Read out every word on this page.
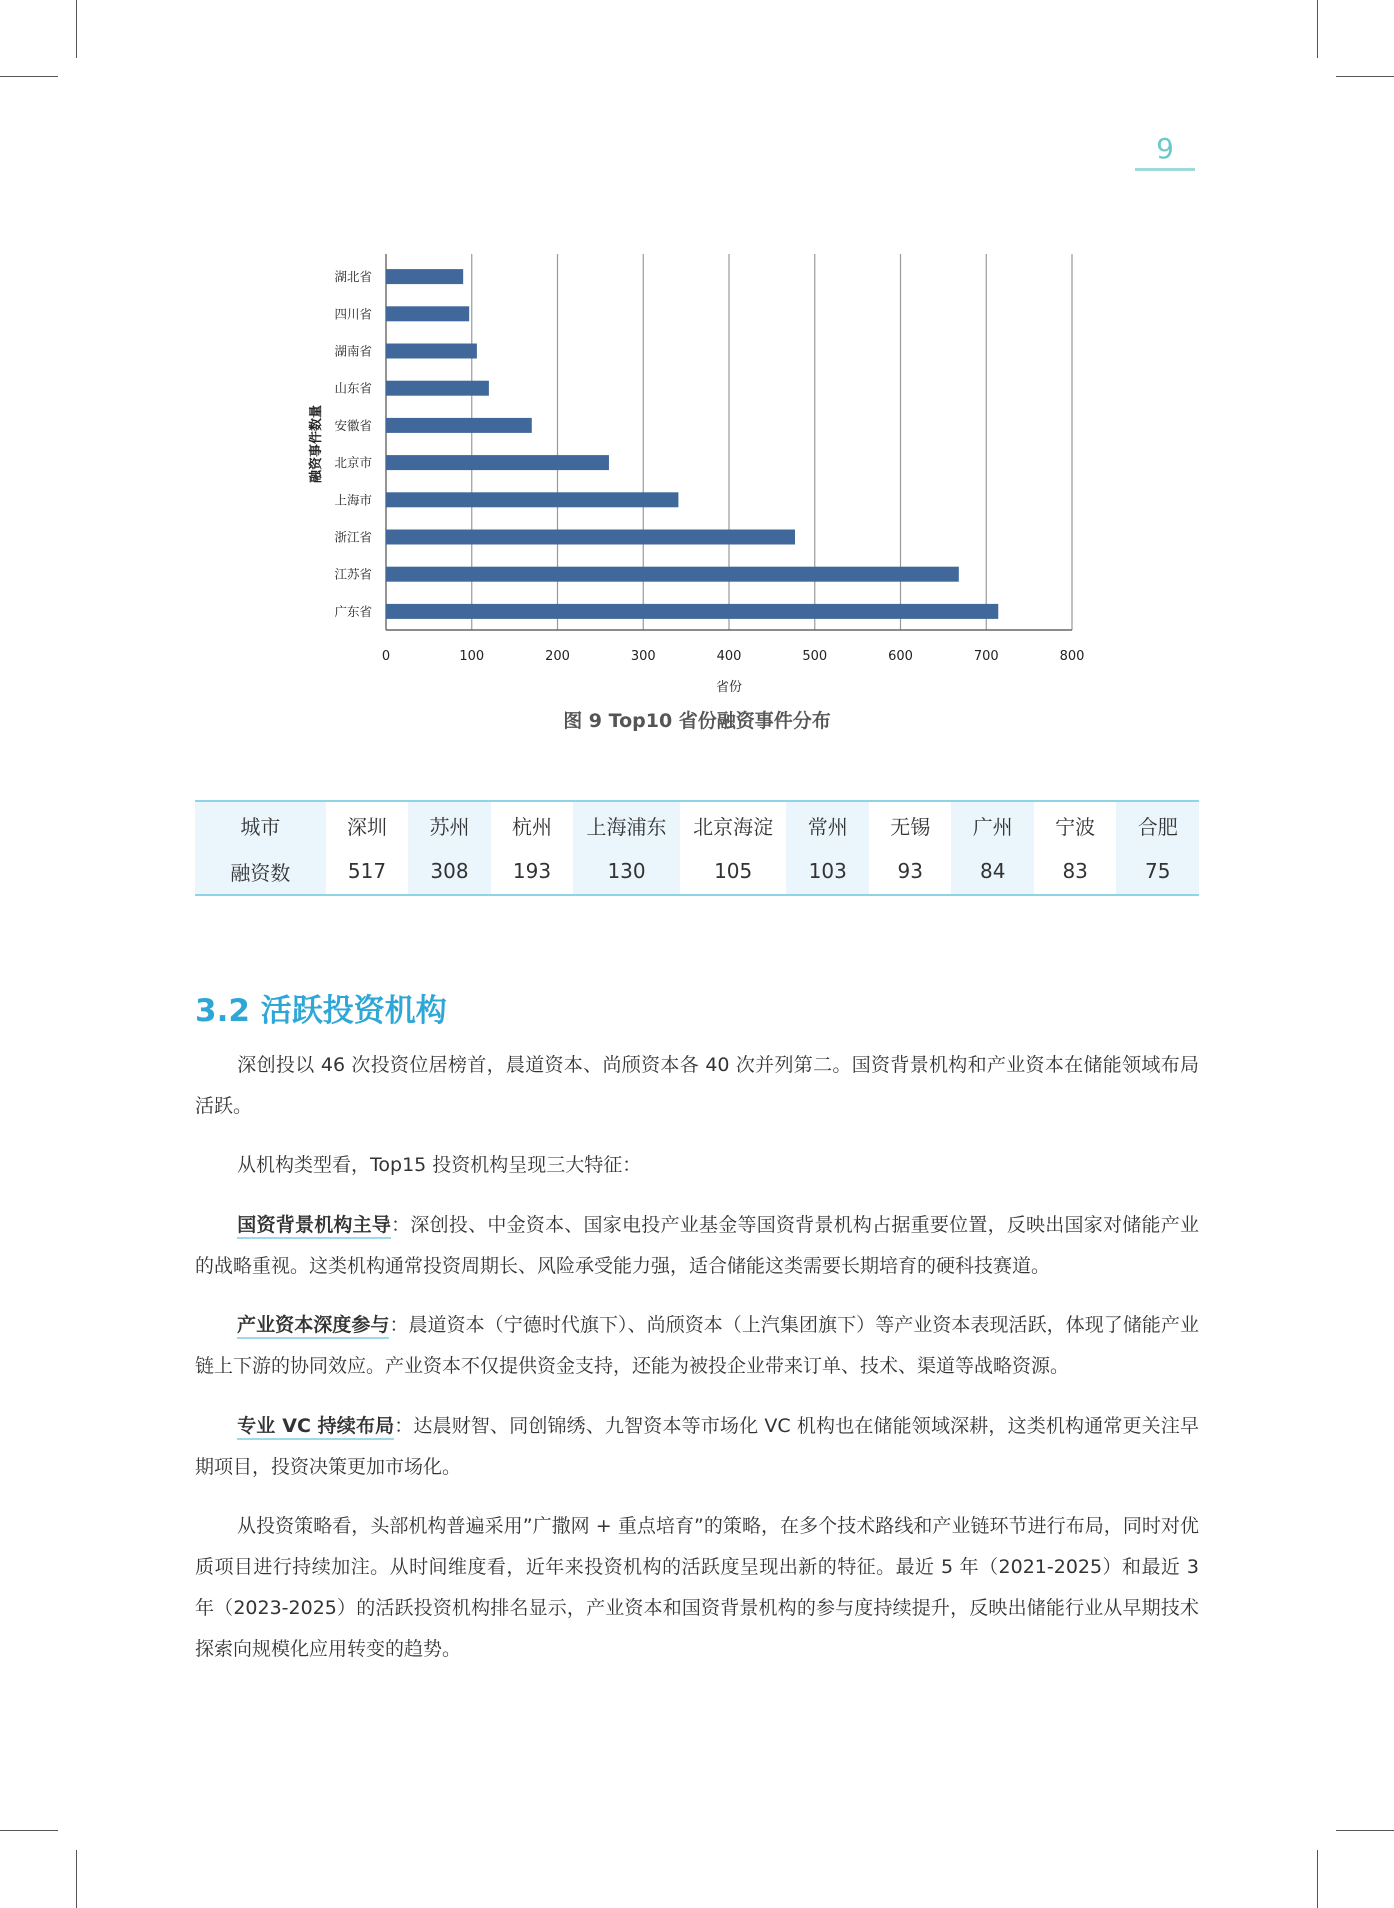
9
0	100	200	300	400	500	600	700	800
湖北省
四川省
湖南省
山东省
安徽省
北京市
上海市
浙江省
江苏省
广东省
省份
融资事件数量
图 9 Top10 省份融资事件分布
城市	深圳	苏州	杭州	上海浦东	北京海淀	常州	无锡	广州	宁波	合肥
融资数	517	308	193	130	105	103	93	84	83	75
3.2 活跃投资机构
深创投以 46 次投资位居榜首，晨道资本、尚颀资本各 40 次并列第二。国资背景机构和产业资本在储能领域布局活跃。
从机构类型看，Top15 投资机构呈现三大特征：
国资背景机构主导：深创投、中金资本、国家电投产业基金等国资背景机构占据重要位置，反映出国家对储能产业的战略重视。这类机构通常投资周期长、风险承受能力强，适合储能这类需要长期培育的硬科技赛道。
产业资本深度参与：晨道资本（宁德时代旗下）、尚颀资本（上汽集团旗下）等产业资本表现活跃，体现了储能产业链上下游的协同效应。产业资本不仅提供资金支持，还能为被投企业带来订单、技术、渠道等战略资源。
专业 VC 持续布局：达晨财智、同创锦绣、九智资本等市场化 VC 机构也在储能领域深耕，这类机构通常更关注早期项目，投资决策更加市场化。
从投资策略看，头部机构普遍采用”广撒网 + 重点培育”的策略，在多个技术路线和产业链环节进行布局，同时对优质项目进行持续加注。从时间维度看，近年来投资机构的活跃度呈现出新的特征。最近 5 年（2021-2025）和最近 3 年（2023-2025）的活跃投资机构排名显示，产业资本和国资背景机构的参与度持续提升，反映出储能行业从早期技术探索向规模化应用转变的趋势。
